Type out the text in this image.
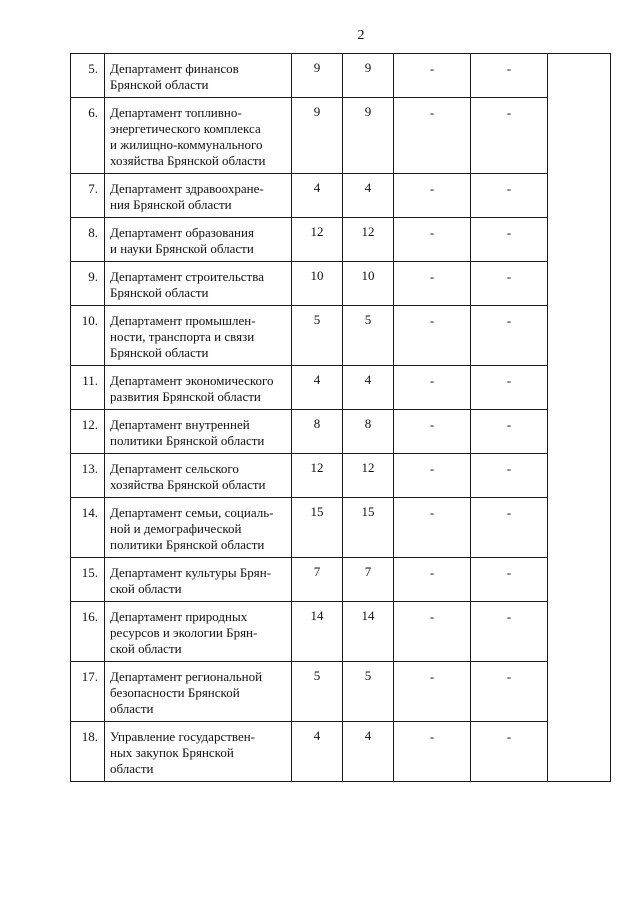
2
5.	Департамент финансов
Брянской области	9	9	-	-	
6.	Департамент топливно-
энергетического комплекса
и жилищно-коммунального
хозяйства Брянской области	9	9	-	-	
7.	Департамент здравоохране-
ния Брянской области	4	4	-	-	
8.	Департамент образования
и науки Брянской области	12	12	-	-	
9.	Департамент строительства
Брянской области	10	10	-	-	
10.	Департамент промышлен-
ности, транспорта и связи
Брянской области	5	5	-	-	
11.	Департамент экономического
развития Брянской области	4	4	-	-	
12.	Департамент внутренней
политики Брянской области	8	8	-	-	
13.	Департамент сельского
хозяйства Брянской области	12	12	-	-	
14.	Департамент семьи, социаль-
ной и демографической
политики Брянской области	15	15	-	-	
15.	Департамент культуры Брян-
ской области	7	7	-	-	
16.	Департамент природных
ресурсов и экологии Брян-
ской области	14	14	-	-	
17.	Департамент региональной
безопасности Брянской
области	5	5	-	-	
18.	Управление государствен-
ных закупок Брянской
области	4	4	-	-	
